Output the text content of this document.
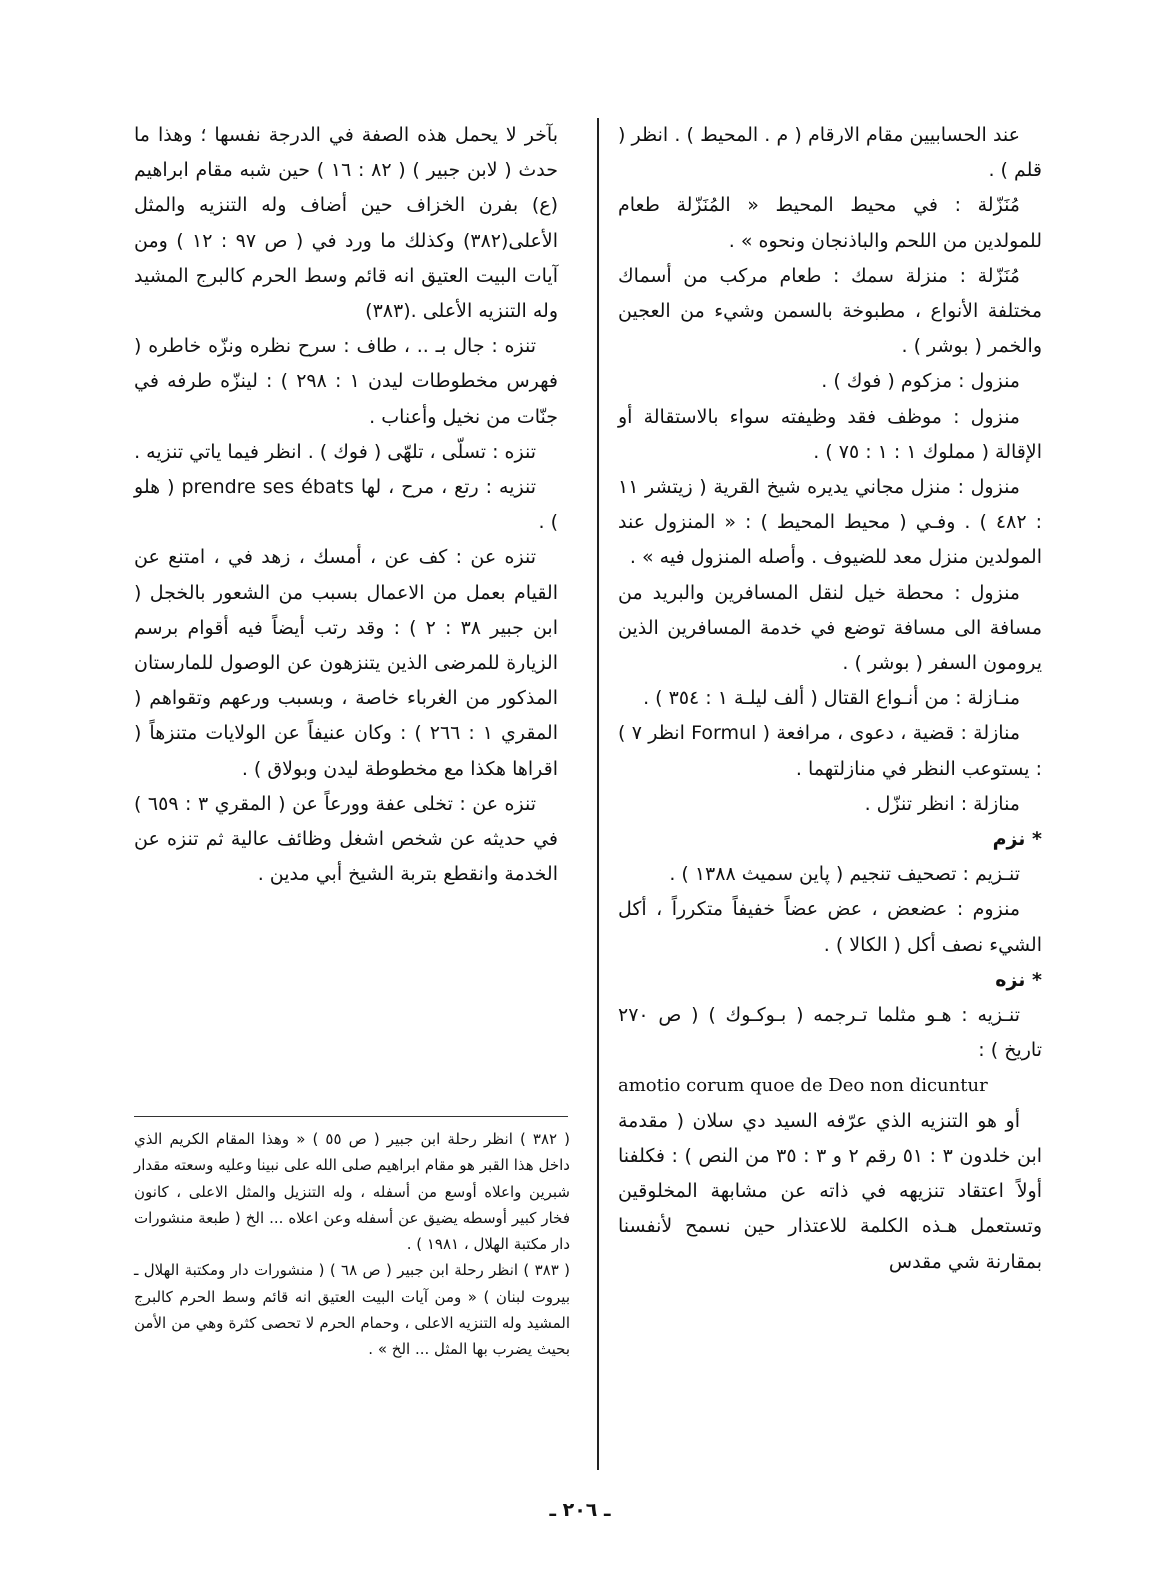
عند الحسابيين مقام الارقام ( م . المحيط ) . انظر ( قلم ) .

مُنَزّلة : في محيط المحيط « المُنَزّلة طعام للمولدين من اللحم والباذنجان ونحوه » .

مُنَزّلة : منزلة سمك : طعام مركب من أسماك مختلفة الأنواع ، مطبوخة بالسمن وشيء من العجين والخمر ( بوشر ) .

منزول : مزكوم ( فوك ) .

منزول : موظف فقد وظيفته سواء بالاستقالة أو الإقالة ( مملوك ١ : ١ : ٧٥ ) .

منزول : منزل مجاني يديره شيخ القرية ( زيتشر ١١ : ٤٨٢ ) . وفـي ( محيط المحيط ) : « المنزول عند المولدين منزل معد للضيوف . وأصله المنزول فيه » .

منزول : محطة خيل لنقل المسافرين والبريد من مسافة الى مسافة توضع في خدمة المسافرين الذين يرومون السفر ( بوشر ) .

منـازلة : من أنـواع القتال ( ألف ليلـة ١ : ٣٥٤ ) .

منازلة : قضية ، دعوى ، مرافعة ( Formul انظر ٧ ) : يستوعب النظر في منازلتهما .

منازلة : انظر تنزّل .

* نزم

تنـزيم : تصحيف تنجيم ( پاين سميث ١٣٨٨ ) .

منزوم : عضعض ، عض عضاً خفيفاً متكرراً ، أكل الشيء نصف أكل ( الكالا ) .

* نزه

تنـزيه : هـو مثلما تـرجمه ( بـوكـوك ) ( ص ٢٧٠ تاريخ ) :

amotio corum quoe de Deo non dicuntur

أو هو التنزيه الذي عرّفه السيد دي سلان ( مقدمة ابن خلدون ٣ : ٥١ رقم ٢ و ٣ : ٣٥ من النص ) : فكلفنا أولاً اعتقاد تنزيهه في ذاته عن مشابهة المخلوقين وتستعمل هـذه الكلمة للاعتذار حين نسمح لأنفسنا بمقارنة شي مقدس

بآخر لا يحمل هذه الصفة في الدرجة نفسها ؛ وهذا ما حدث ( لابن جبير ) ( ٨٢ : ١٦ ) حين شبه مقام ابراهيم (ع) بفرن الخزاف حين أضاف وله التنزيه والمثل الأعلى(٣٨٢) وكذلك ما ورد في ( ص ٩٧ : ١٢ ) ومن آيات البيت العتيق انه قائم وسط الحرم كالبرج المشيد وله التنزيه الأعلى .(٣٨٣)

تنزه : جال بـ .. ، طاف : سرح نظره ونزّه خاطره ( فهرس مخطوطات ليدن ١ : ٢٩٨ ) : لينزّه طرفه في جنّات من نخيل وأعناب .

تنزه : تسلّى ، تلهّى ( فوك ) . انظر فيما ياتي تنزيه .

تنزيه : رتع ، مرح ، لها prendre ses ébats ( هلو ) .

تنزه عن : كف عن ، أمسك ، زهد في ، امتنع عن القيام بعمل من الاعمال بسبب من الشعور بالخجل ( ابن جبير ٣٨ : ٢ ) : وقد رتب أيضاً فيه أقوام برسم الزيارة للمرضى الذين يتنزهون عن الوصول للمارستان المذكور من الغرباء خاصة ، وبسبب ورعهم وتقواهم ( المقري ١ : ٢٦٦ ) : وكان عنيفاً عن الولايات متنزهاً ( اقراها هكذا مع مخطوطة ليدن وبولاق ) .

تنزه عن : تخلى عفة وورعاً عن ( المقري ٣ : ٦٥٩ ) في حديثه عن شخص اشغل وظائف عالية ثم تنزه عن الخدمة وانقطع بتربة الشيخ أبي مدين .

( ٣٨٢ ) انظر رحلة ابن جبير ( ص ٥٥ ) « وهذا المقام الكريم الذي داخل هذا القبر هو مقام ابراهيم صلى الله على نبينا وعليه وسعته مقدار شبرين واعلاه أوسع من أسفله ، وله التنزيل والمثل الاعلى ، كانون فخار كبير أوسطه يضيق عن أسفله وعن اعلاه ... الخ ( طبعة منشورات دار مكتبة الهلال ، ١٩٨١ ) .

( ٣٨٣ ) انظر رحلة ابن جبير ( ص ٦٨ ) ( منشورات دار ومكتبة الهلال ـ بيروت لبنان ) « ومن آيات البيت العتيق انه قائم وسط الحرم كالبرج المشيد وله التنزيه الاعلى ، وحمام الحرم لا تحصى كثرة وهي من الأمن بحيث يضرب بها المثل ... الخ » .

ـ ٢٠٦ ـ
